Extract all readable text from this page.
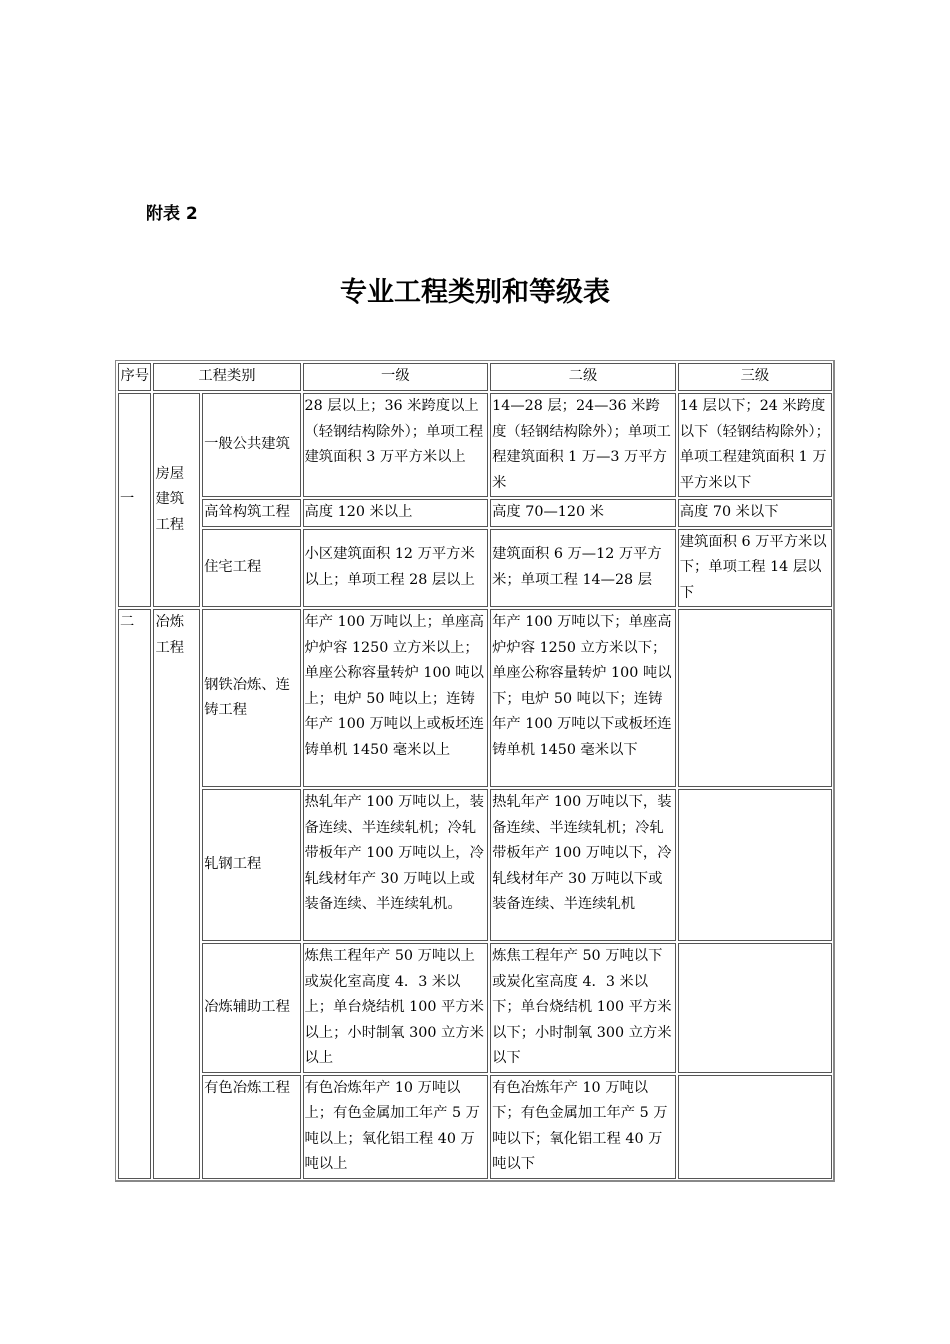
附表 2
专业工程类别和等级表
序号	工程类别		一级	二级	三级
一	房屋建筑工程	一般公共建筑	28 层以上；36 米跨度以上（轻钢结构除外）；单项工程建筑面积 3 万平方米以上	14—28 层；24—36 米跨度（轻钢结构除外）；单项工程建筑面积 1 万—3 万平方米	14 层以下；24 米跨度以下（轻钢结构除外）；单项工程建筑面积 1 万平方米以下
		高耸构筑工程	高度 120 米以上	高度 70—120 米	高度 70 米以下
		住宅工程	小区建筑面积 12 万平方米以上；单项工程 28 层以上	建筑面积 6 万—12 万平方米；单项工程 14—28 层	建筑面积 6 万平方米以下；单项工程 14 层以下
二	冶炼工程	钢铁冶炼、连铸工程	年产 100 万吨以上；单座高炉炉容 1250 立方米以上；单座公称容量转炉 100 吨以上；电炉 50 吨以上；连铸年产 100 万吨以上或板坯连铸单机 1450 毫米以上	年产 100 万吨以下；单座高炉炉容 1250 立方米以下；单座公称容量转炉 100 吨以下；电炉 50 吨以下；连铸年产 100 万吨以下或板坯连铸单机 1450 毫米以下	
		轧钢工程	热轧年产 100 万吨以上，装备连续、半连续轧机；冷轧带板年产 100 万吨以上，冷轧线材年产 30 万吨以上或装备连续、半连续轧机。	热轧年产 100 万吨以下，装备连续、半连续轧机；冷轧带板年产 100 万吨以下，冷轧线材年产 30 万吨以下或装备连续、半连续轧机	
		冶炼辅助工程	炼焦工程年产 50 万吨以上或炭化室高度 4．3 米以上；单台烧结机 100 平方米以上；小时制氧 300 立方米以上	炼焦工程年产 50 万吨以下或炭化室高度 4．3 米以下；单台烧结机 100 平方米以下；小时制氧 300 立方米以下	
		有色冶炼工程	有色冶炼年产 10 万吨以上；有色金属加工年产 5 万吨以上；氧化铝工程 40 万吨以上	有色冶炼年产 10 万吨以下；有色金属加工年产 5 万吨以下；氧化铝工程 40 万吨以下	
